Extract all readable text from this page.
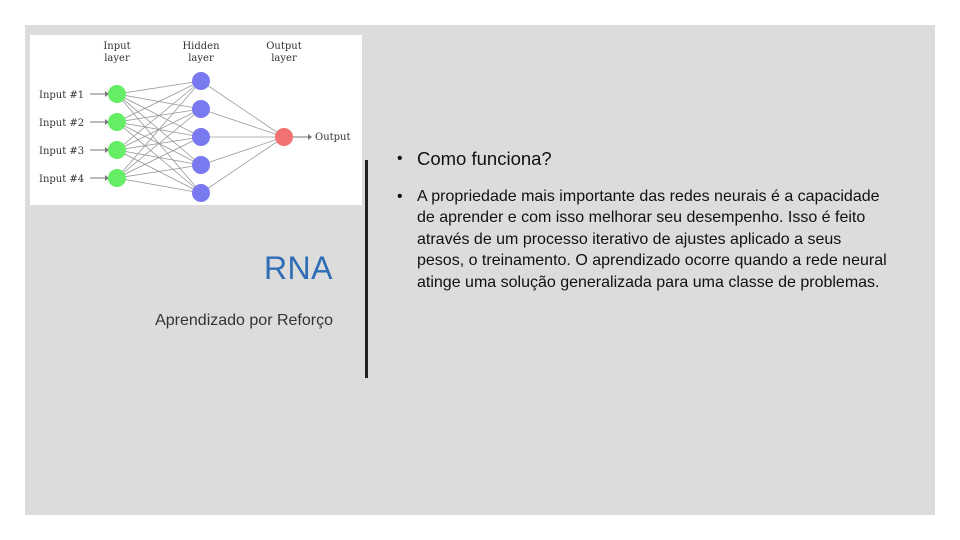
Input
layer
Hidden
layer
Output
layer
Input #1
Input #2
Input #3
Input #4
Output
RNA
Aprendizado por Reforço
• Como funciona?
• A propriedade mais importante das redes neurais é a capacidade de aprender e com isso melhorar seu desempenho. Isso é feito através de um processo iterativo de ajustes aplicado a seus pesos, o treinamento. O aprendizado ocorre quando a rede neural atinge uma solução generalizada para uma classe de problemas.
